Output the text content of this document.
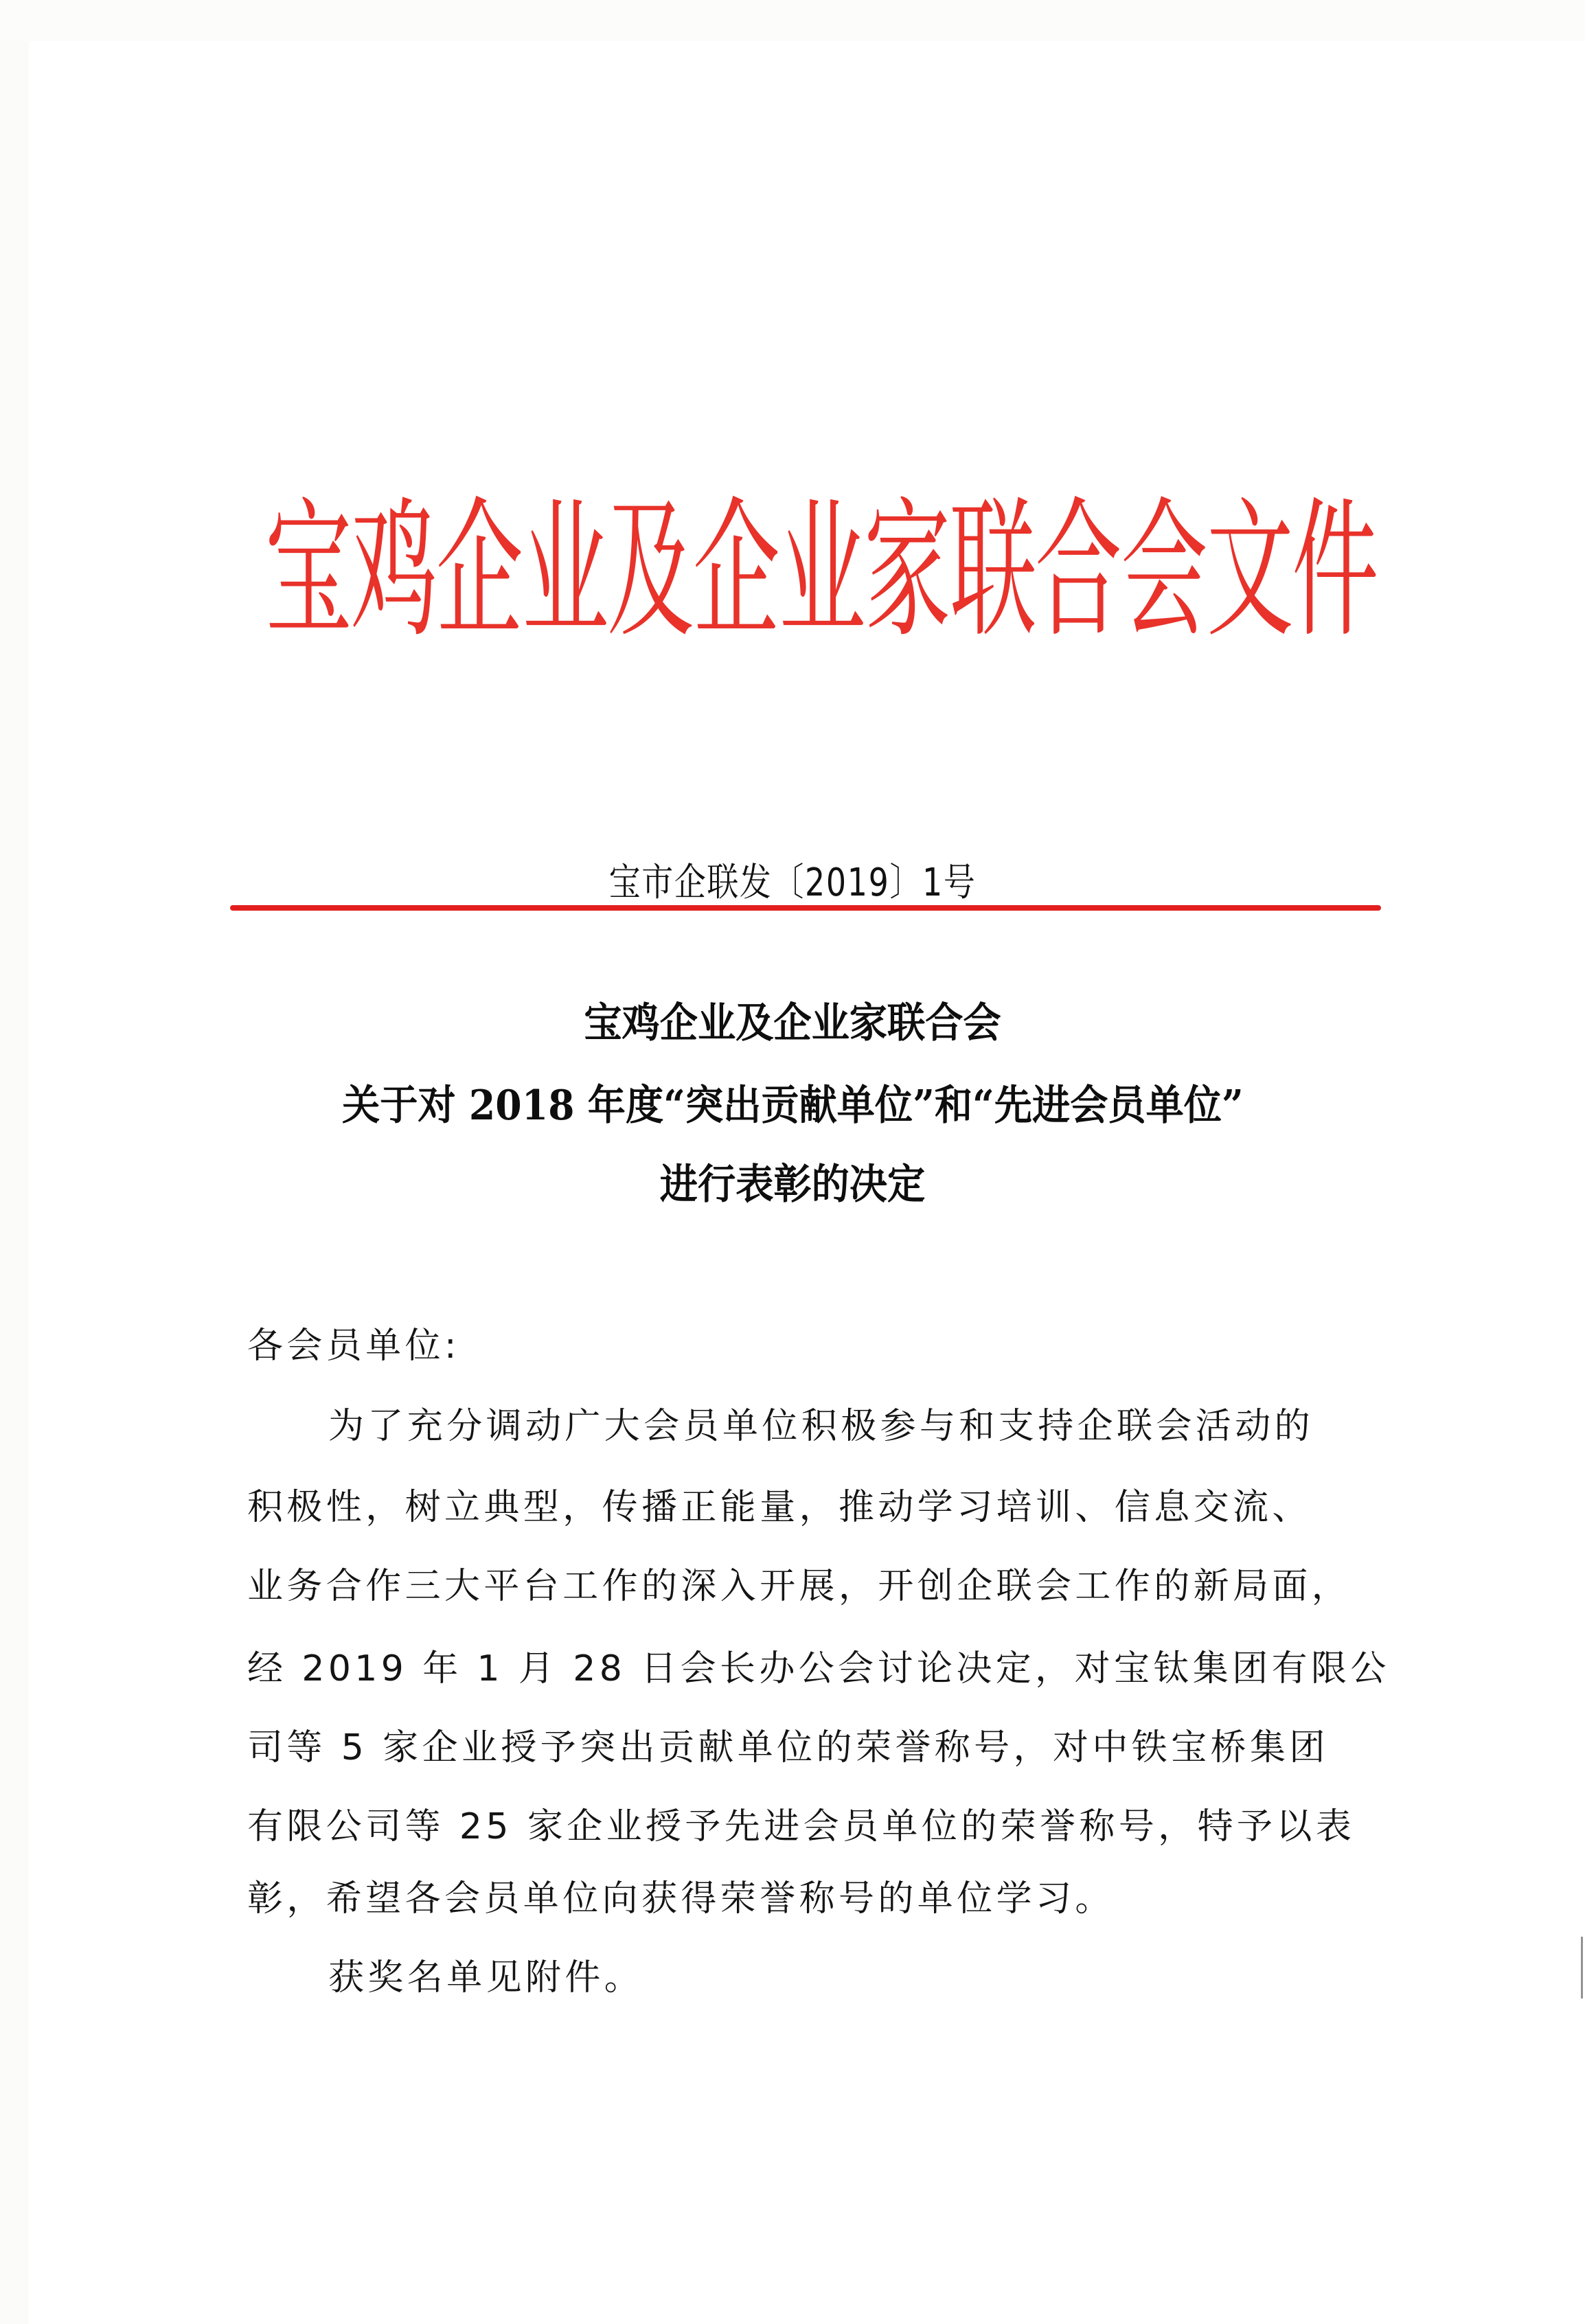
宝
鸡
企
业
及
企
业
家
联
合
会
文
件
宝市企联发〔2019〕1号
宝鸡企业及企业家联合会
关于对 2018 年度“突出贡献单位”和“先进会员单位”
进行表彰的决定
各会员单位:
为了充分调动广大会员单位积极参与和支持企联会活动的
积极性，树立典型，传播正能量，推动学习培训、信息交流、
业务合作三大平台工作的深入开展，开创企联会工作的新局面，
经 2019 年 1 月 28 日会长办公会讨论决定，对宝钛集团有限公
司等 5 家企业授予突出贡献单位的荣誉称号，对中铁宝桥集团
有限公司等 25 家企业授予先进会员单位的荣誉称号，特予以表
彰，希望各会员单位向获得荣誉称号的单位学习。
获奖名单见附件。
